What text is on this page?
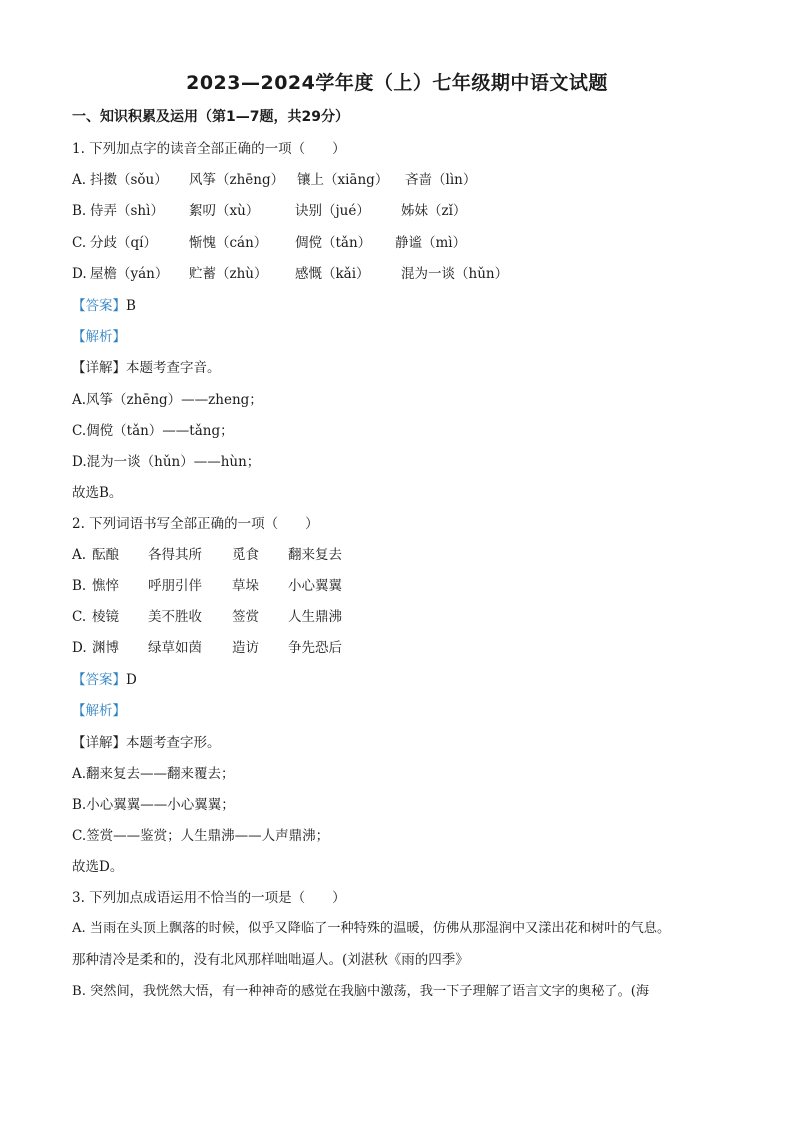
2023—2024学年度（上）七年级期中语文试题
一、知识积累及运用（第1—7题，共29分）
1. 下列加点字的读音全部正确的一项（　　）
A. 抖擞（sǒu） 风筝（zhēng） 镶上（xiāng） 吝啬（lìn）
B. 侍弄（shì） 絮叨（xù）	诀别（jué） 姊妹（zǐ）
C. 分歧（qí） 惭愧（cán） 倜傥（tǎn） 静谧（mì）
D. 屋檐（yán） 贮蓄（zhù） 感慨（kǎi） 混为一谈（hǔn）
【答案】B
【解析】
【详解】本题考查字音。
A.风筝（zhēng）——zheng；
C.倜傥（tǎn）——tǎng；
D.混为一谈（hǔn）——hùn；
故选B。
2. 下列词语书写全部正确的一项（　　）
A. 酝酿 各得其所 觅食 翻来复去
B. 憔悴 呼朋引伴 草垛 小心翼翼
C. 棱镜 美不胜收 签赏 人生鼎沸
D. 渊博 绿草如茵 造访 争先恐后
【答案】D
【解析】
【详解】本题考查字形。
A.翻来复去——翻来覆去；
B.小心翼翼——小心翼翼；
C.签赏——鉴赏；人生鼎沸——人声鼎沸；
故选D。
3. 下列加点成语运用不恰当的一项是（　　）
A. 当雨在头顶上飘落的时候，似乎又降临了一种特殊的温暖，仿佛从那湿润中又漾出花和树叶的气息。
那种清冷是柔和的，没有北风那样咄咄逼人。(刘湛秋《雨的四季》
B. 突然间，我恍然大悟，有一种神奇的感觉在我脑中激荡，我一下子理解了语言文字的奥秘了。(海
